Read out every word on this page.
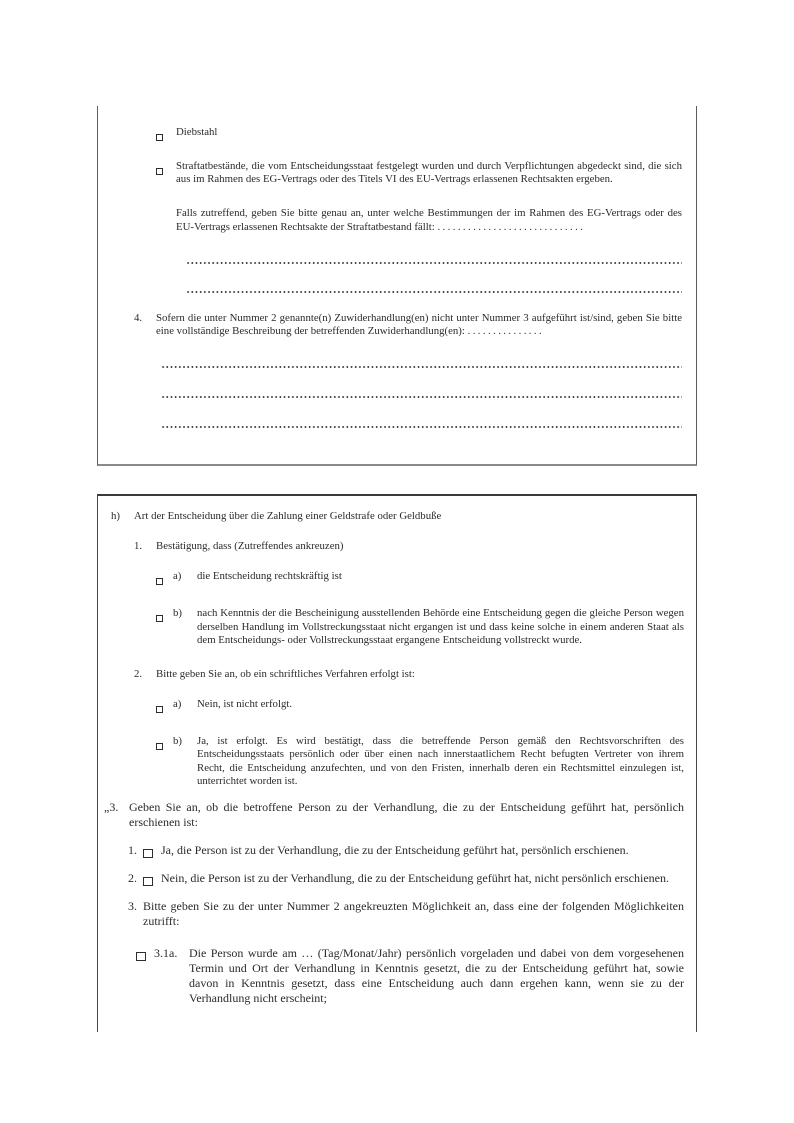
Diebstahl
Straftatbestände, die vom Entscheidungsstaat festgelegt wurden und durch Verpflichtungen abgedeckt sind, die sich aus im Rahmen des EG-Vertrags oder des Titels VI des EU-Vertrags erlassenen Rechtsakten ergeben.
Falls zutreffend, geben Sie bitte genau an, unter welche Bestimmungen der im Rahmen des EG-Vertrags oder des EU-Vertrags erlassenen Rechtsakte der Straftatbestand fällt: .............................
4.	Sofern die unter Nummer 2 genannte(n) Zuwiderhandlung(en) nicht unter Nummer 3 aufgeführt ist/sind, geben Sie bitte eine vollständige Beschreibung der betreffenden Zuwiderhandlung(en): ...............
h)	Art der Entscheidung über die Zahlung einer Geldstrafe oder Geldbuße
1.	Bestätigung, dass (Zutreffendes ankreuzen)
a)	die Entscheidung rechtskräftig ist
b)	nach Kenntnis der die Bescheinigung ausstellenden Behörde eine Entscheidung gegen die gleiche Person wegen derselben Handlung im Vollstreckungsstaat nicht ergangen ist und dass keine solche in einem anderen Staat als dem Entscheidungs- oder Vollstreckungsstaat ergangene Entscheidung vollstreckt wurde.
2.	Bitte geben Sie an, ob ein schriftliches Verfahren erfolgt ist:
a)	Nein, ist nicht erfolgt.
b)	Ja, ist erfolgt. Es wird bestätigt, dass die betreffende Person gemäß den Rechtsvorschriften des Entscheidungsstaats persönlich oder über einen nach innerstaatlichem Recht befugten Vertreter von ihrem Recht, die Entscheidung anzufechten, und von den Fristen, innerhalb deren ein Rechtsmittel einzulegen ist, unterrichtet worden ist.
„3. Geben Sie an, ob die betroffene Person zu der Verhandlung, die zu der Entscheidung geführt hat, persönlich erschienen ist:
1.	Ja, die Person ist zu der Verhandlung, die zu der Entscheidung geführt hat, persönlich erschienen.
2.	Nein, die Person ist zu der Verhandlung, die zu der Entscheidung geführt hat, nicht persönlich erschienen.
3. Bitte geben Sie zu der unter Nummer 2 angekreuzten Möglichkeit an, dass eine der folgenden Möglichkeiten zutrifft:
3.1a. Die Person wurde am … (Tag/Monat/Jahr) persönlich vorgeladen und dabei von dem vorgesehenen Termin und Ort der Verhandlung in Kenntnis gesetzt, die zu der Entscheidung geführt hat, sowie davon in Kenntnis gesetzt, dass eine Entscheidung auch dann ergehen kann, wenn sie zu der Verhandlung nicht erscheint;
